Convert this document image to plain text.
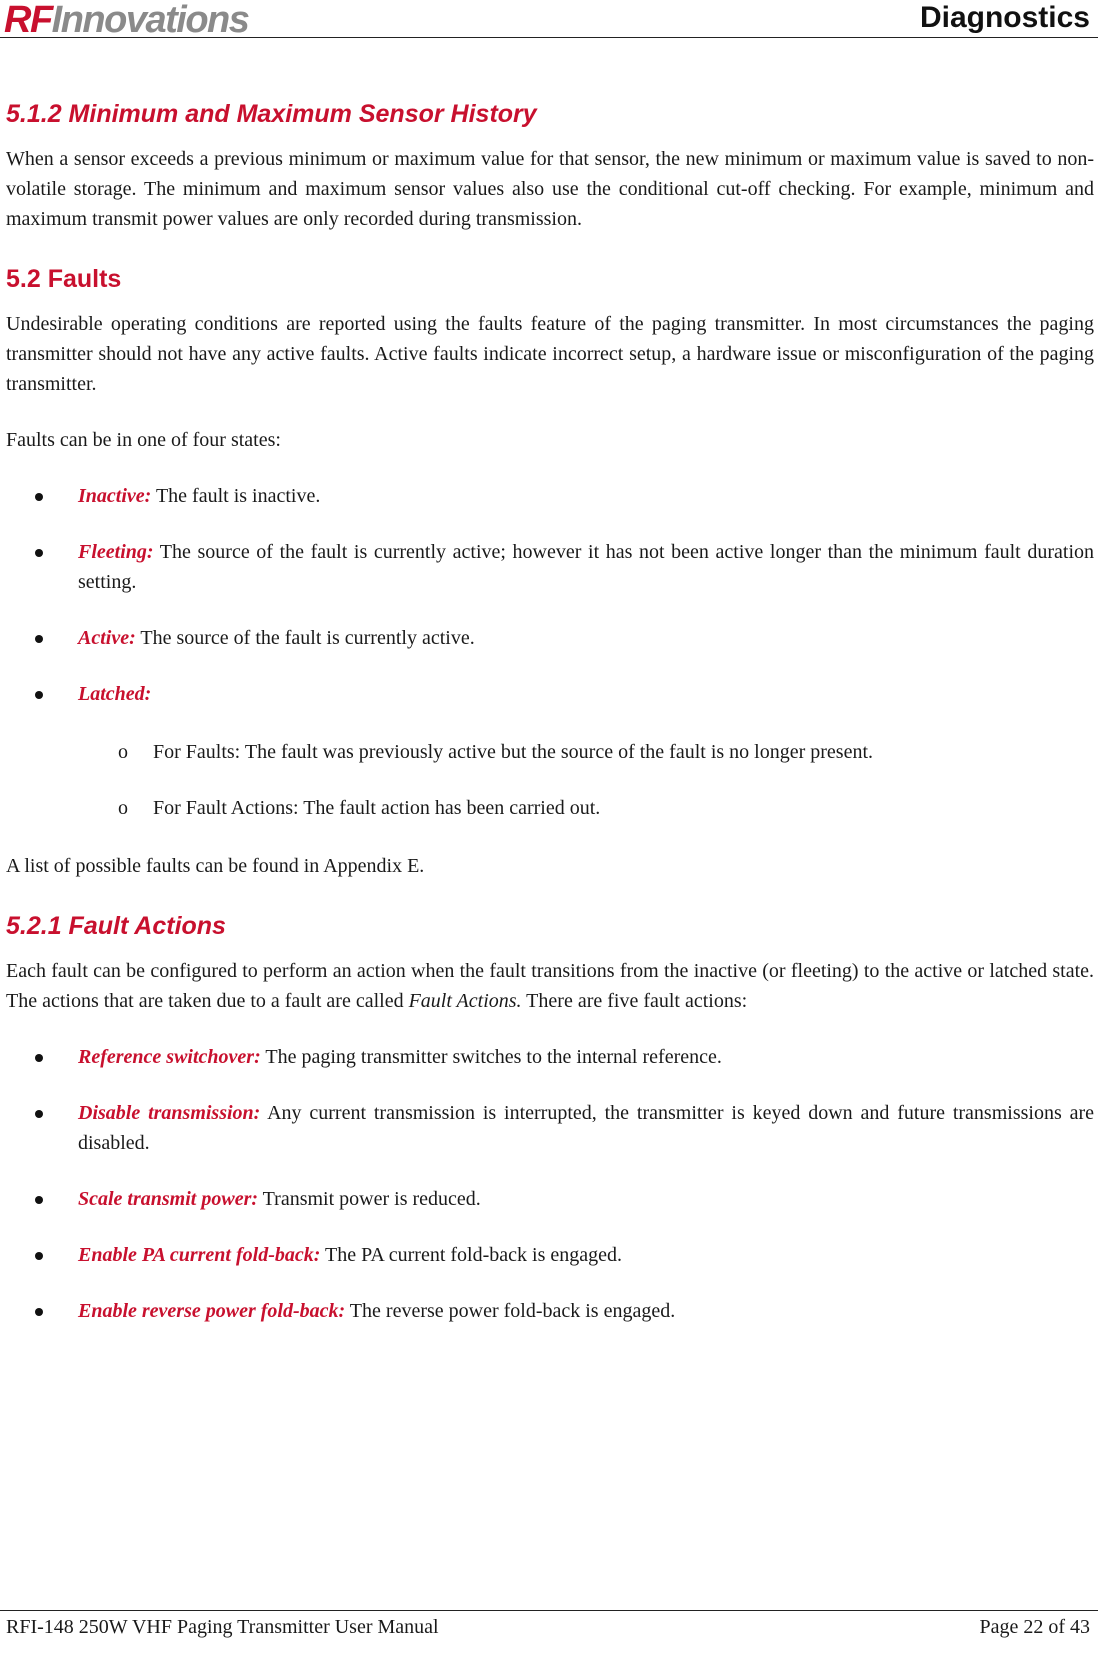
RFInnovations	Diagnostics
5.1.2 Minimum and Maximum Sensor History

When a sensor exceeds a previous minimum or maximum value for that sensor, the new minimum or maximum value is saved to non-volatile storage. The minimum and maximum sensor values also use the conditional cut-off checking. For example, minimum and maximum transmit power values are only recorded during transmission.

5.2 Faults

Undesirable operating conditions are reported using the faults feature of the paging transmitter. In most circumstances the paging transmitter should not have any active faults. Active faults indicate incorrect setup, a hardware issue or misconfiguration of the paging transmitter.

Faults can be in one of four states:

Inactive: The fault is inactive.
Fleeting: The source of the fault is currently active; however it has not been active longer than the minimum fault duration setting.
Active: The source of the fault is currently active.
Latched:
o For Faults: The fault was previously active but the source of the fault is no longer present.
o For Fault Actions: The fault action has been carried out.

A list of possible faults can be found in Appendix E.

5.2.1 Fault Actions

Each fault can be configured to perform an action when the fault transitions from the inactive (or fleeting) to the active or latched state. The actions that are taken due to a fault are called Fault Actions. There are five fault actions:

Reference switchover: The paging transmitter switches to the internal reference.
Disable transmission: Any current transmission is interrupted, the transmitter is keyed down and future transmissions are disabled.
Scale transmit power: Transmit power is reduced.
Enable PA current fold-back: The PA current fold-back is engaged.
Enable reverse power fold-back: The reverse power fold-back is engaged.
RFI-148 250W VHF Paging Transmitter User Manual	Page 22 of 43
